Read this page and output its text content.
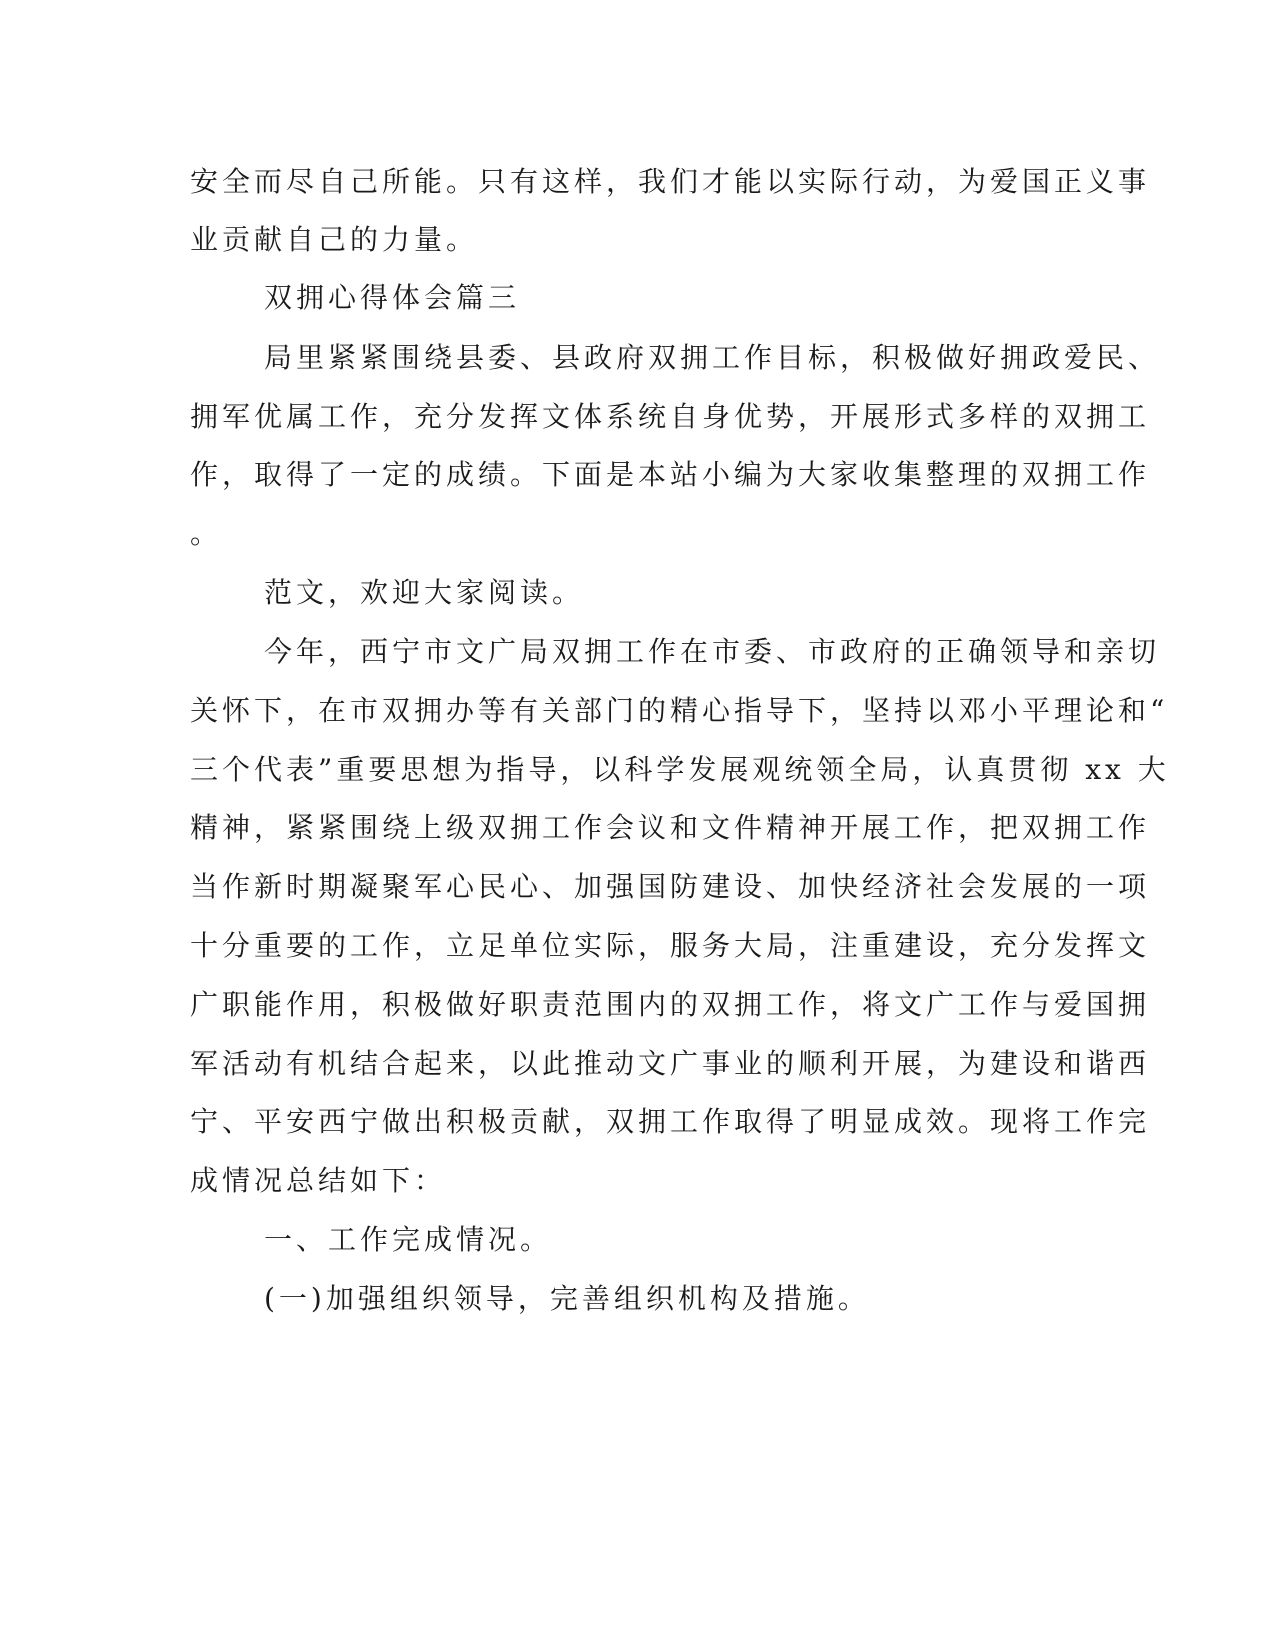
安全而尽自己所能。只有这样，我们才能以实际行动，为爱国正义事
业贡献自己的力量。
双拥心得体会篇三
局里紧紧围绕县委、县政府双拥工作目标，积极做好拥政爱民、
拥军优属工作，充分发挥文体系统自身优势，开展形式多样的双拥工
作，取得了一定的成绩。下面是本站小编为大家收集整理的双拥工作
。
范文，欢迎大家阅读。
今年，西宁市文广局双拥工作在市委、市政府的正确领导和亲切
关怀下，在市双拥办等有关部门的精心指导下，坚持以邓小平理论和“
三个代表”重要思想为指导，以科学发展观统领全局，认真贯彻 xx 大
精神，紧紧围绕上级双拥工作会议和文件精神开展工作，把双拥工作
当作新时期凝聚军心民心、加强国防建设、加快经济社会发展的一项
十分重要的工作，立足单位实际，服务大局，注重建设，充分发挥文
广职能作用，积极做好职责范围内的双拥工作，将文广工作与爱国拥
军活动有机结合起来，以此推动文广事业的顺利开展，为建设和谐西
宁、平安西宁做出积极贡献，双拥工作取得了明显成效。现将工作完
成情况总结如下：
一、工作完成情况。
(一)加强组织领导，完善组织机构及措施。
